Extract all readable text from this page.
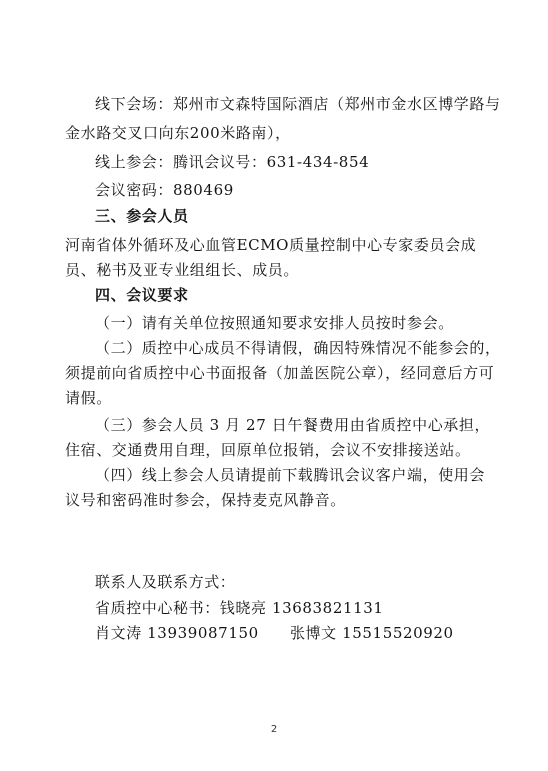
线下会场：郑州市文森特国际酒店（郑州市金水区博学路与
金水路交叉口向东200米路南），
线上参会：腾讯会议号：631-434-854
会议密码：880469
三、参会人员
河南省体外循环及心血管ECMO质量控制中心专家委员会成
员、秘书及亚专业组组长、成员。
四、会议要求
（一）请有关单位按照通知要求安排人员按时参会。
（二）质控中心成员不得请假，确因特殊情况不能参会的，
须提前向省质控中心书面报备（加盖医院公章），经同意后方可
请假。
（三）参会人员 3 月 27 日午餐费用由省质控中心承担，
住宿、交通费用自理，回原单位报销，会议不安排接送站。
（四）线上参会人员请提前下载腾讯会议客户端，使用会
议号和密码准时参会，保持麦克风静音。
联系人及联系方式：
省质控中心秘书：钱晓亮 13683821131
肖文涛 13939087150　　张博文 15515520920
2
